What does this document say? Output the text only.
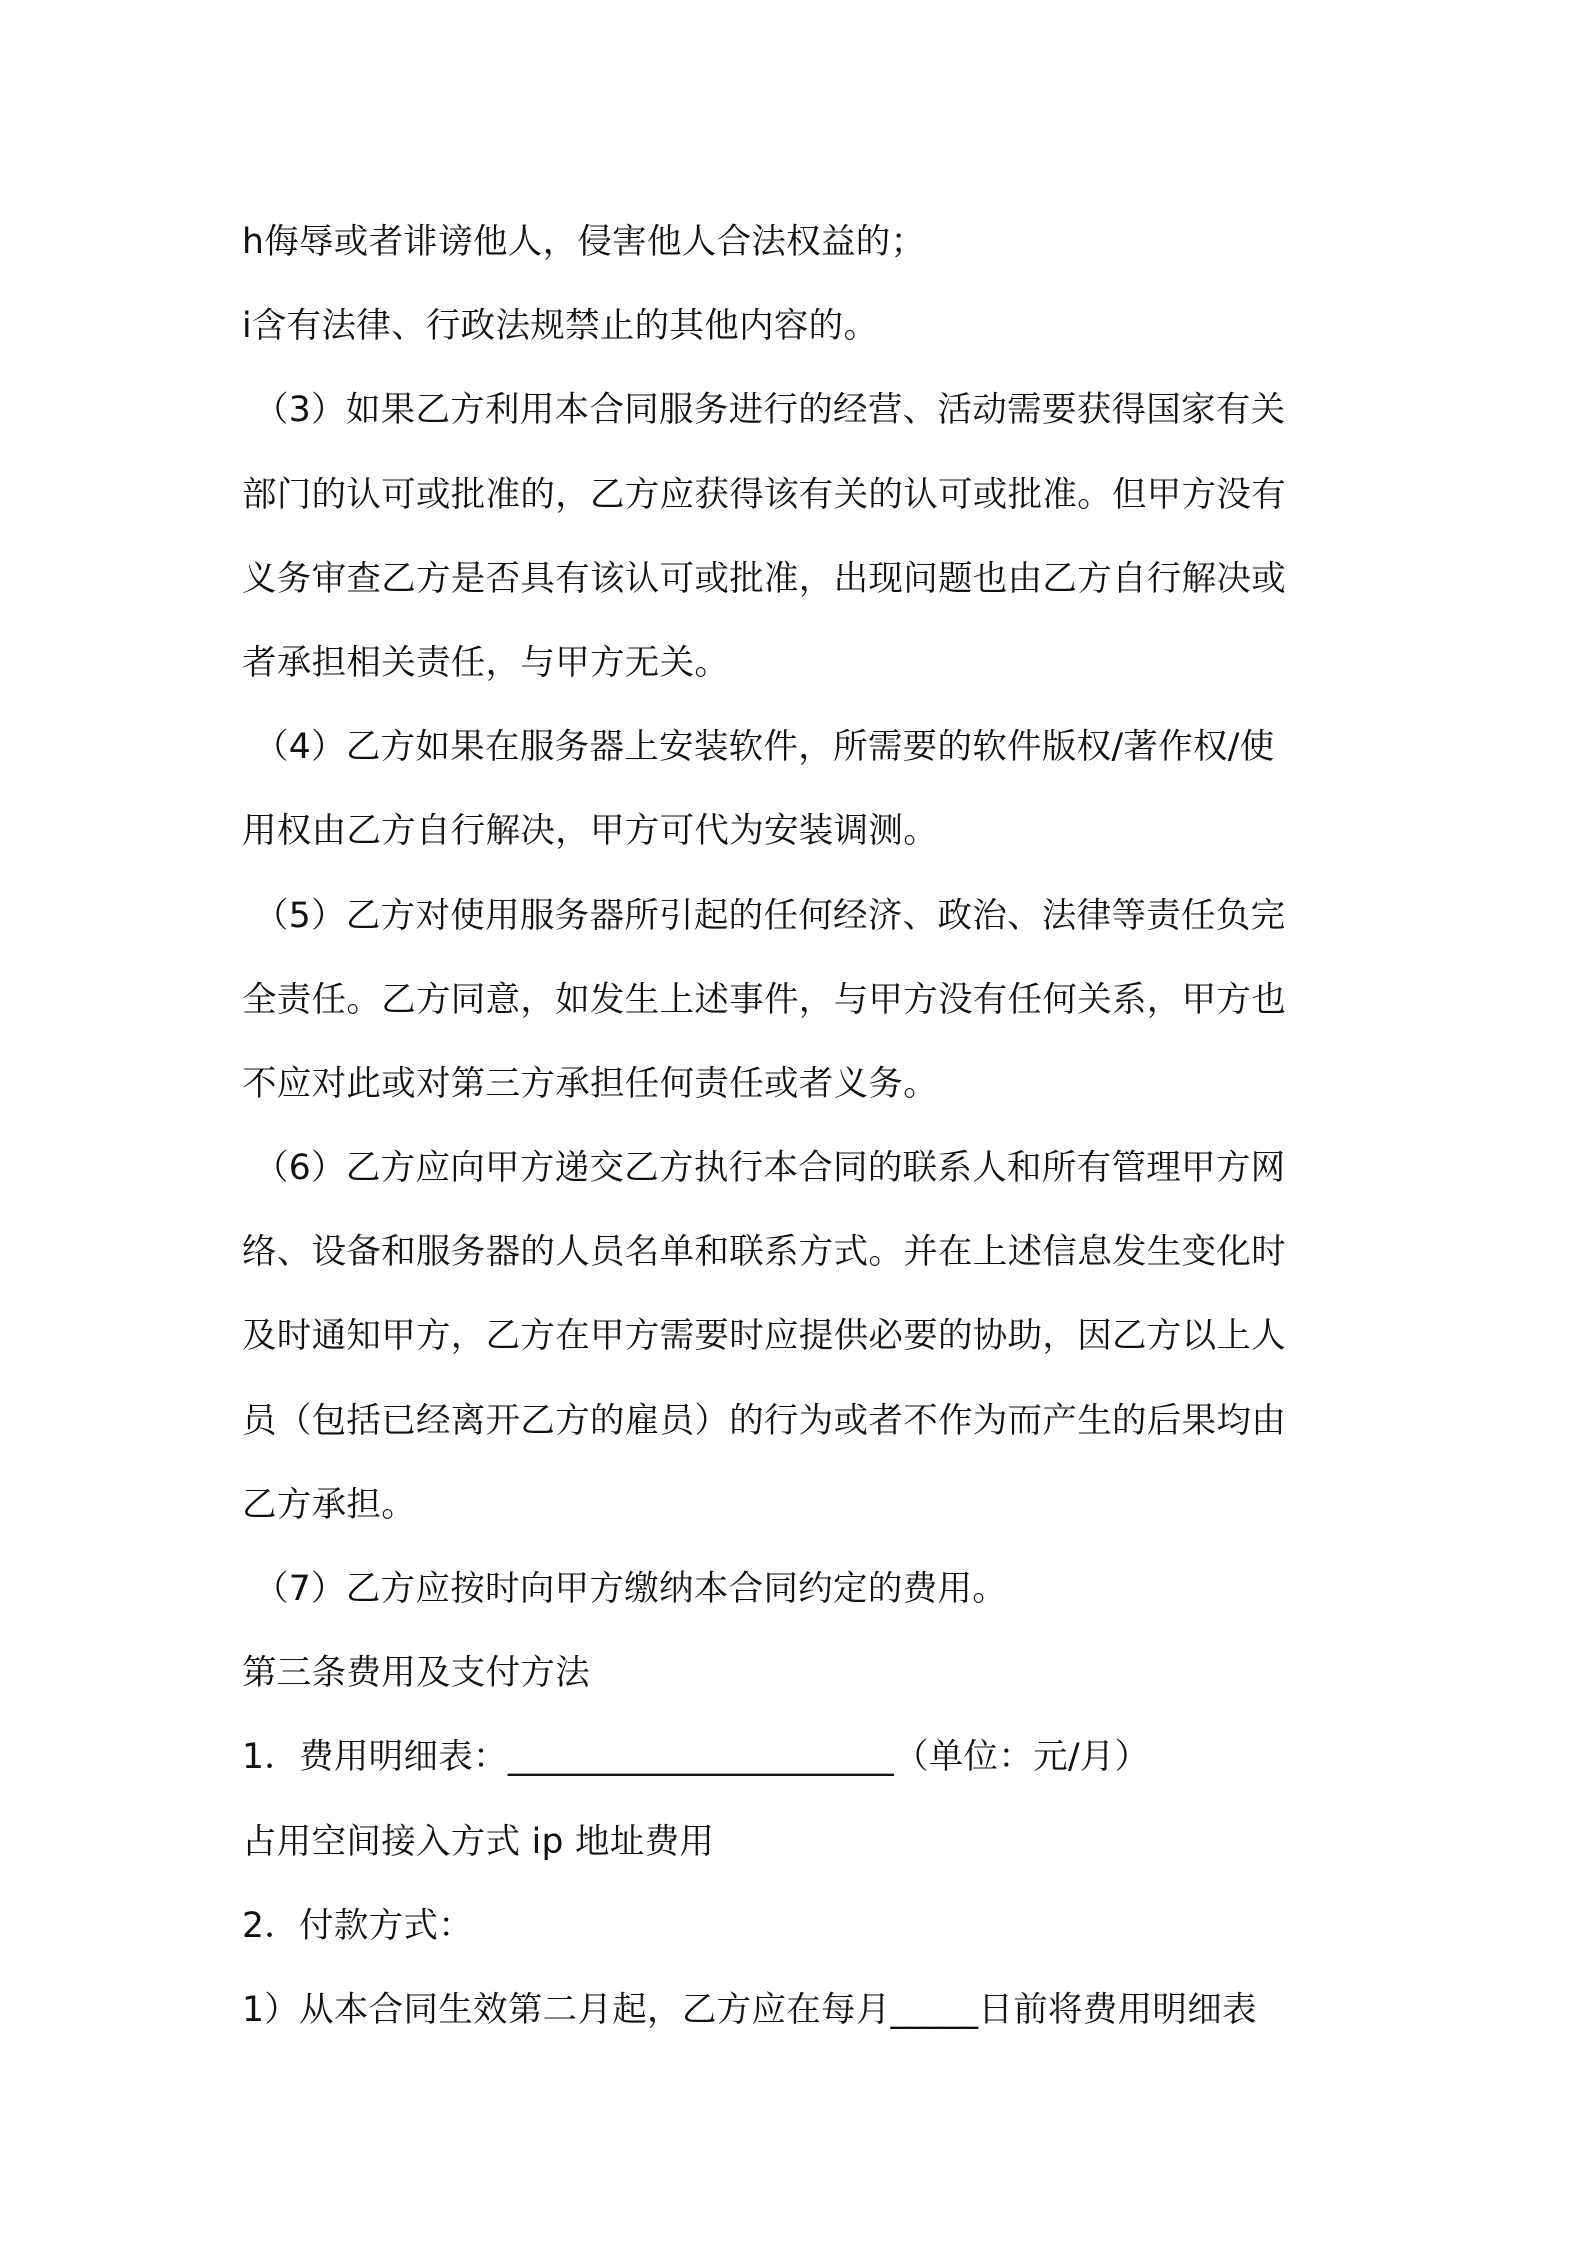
h侮辱或者诽谤他人，侵害他人合法权益的；

i含有法律、行政法规禁止的其他内容的。

（3）如果乙方利用本合同服务进行的经营、活动需要获得国家有关

部门的认可或批准的，乙方应获得该有关的认可或批准。但甲方没有

义务审查乙方是否具有该认可或批准，出现问题也由乙方自行解决或

者承担相关责任，与甲方无关。

（4）乙方如果在服务器上安装软件，所需要的软件版权/著作权/使

用权由乙方自行解决，甲方可代为安装调测。

（5）乙方对使用服务器所引起的任何经济、政治、法律等责任负完

全责任。乙方同意，如发生上述事件，与甲方没有任何关系，甲方也

不应对此或对第三方承担任何责任或者义务。

（6）乙方应向甲方递交乙方执行本合同的联系人和所有管理甲方网

络、设备和服务器的人员名单和联系方式。并在上述信息发生变化时

及时通知甲方，乙方在甲方需要时应提供必要的协助，因乙方以上人

员（包括已经离开乙方的雇员）的行为或者不作为而产生的后果均由

乙方承担。

（7）乙方应按时向甲方缴纳本合同约定的费用。

第三条费用及支付方法

1．费用明细表：______________________（单位：元/月）

占用空间接入方式 ip 地址费用

2．付款方式：

1）从本合同生效第二月起，乙方应在每月_____日前将费用明细表
